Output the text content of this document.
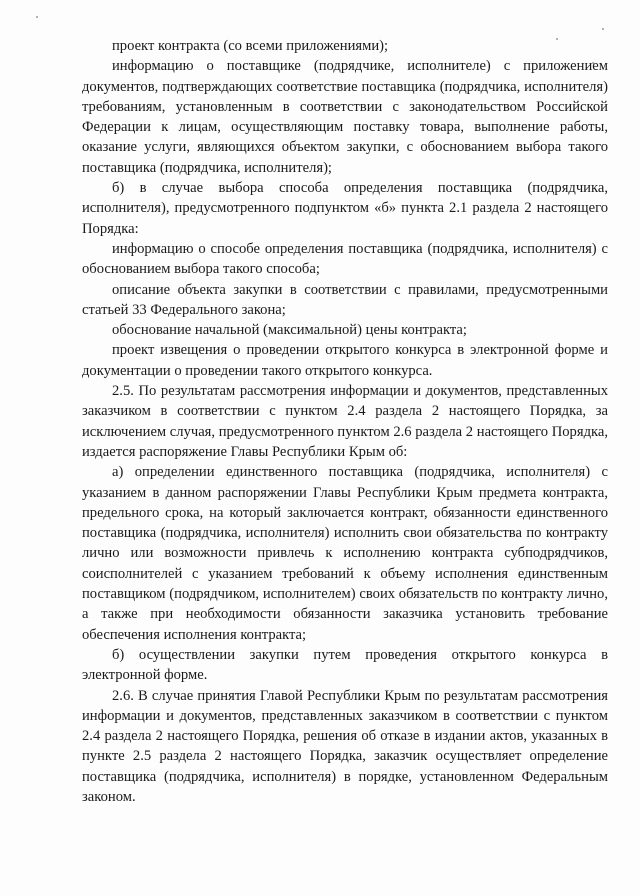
проект контракта (со всеми приложениями);

информацию о поставщике (подрядчике, исполнителе) с приложением документов, подтверждающих соответствие поставщика (подрядчика, исполнителя) требованиям, установленным в соответствии с законодательством Российской Федерации к лицам, осуществляющим поставку товара, выполнение работы, оказание услуги, являющихся объектом закупки, с обоснованием выбора такого поставщика (подрядчика, исполнителя);

б) в случае выбора способа определения поставщика (подрядчика, исполнителя), предусмотренного подпунктом «б» пункта 2.1 раздела 2 настоящего Порядка:

информацию о способе определения поставщика (подрядчика, исполнителя) с обоснованием выбора такого способа;

описание объекта закупки в соответствии с правилами, предусмотренными статьей 33 Федерального закона;

обоснование начальной (максимальной) цены контракта;

проект извещения о проведении открытого конкурса в электронной форме и документации о проведении такого открытого конкурса.

2.5. По результатам рассмотрения информации и документов, представленных заказчиком в соответствии с пунктом 2.4 раздела 2 настоящего Порядка, за исключением случая, предусмотренного пунктом 2.6 раздела 2 настоящего Порядка, издается распоряжение Главы Республики Крым об:

а) определении единственного поставщика (подрядчика, исполнителя) с указанием в данном распоряжении Главы Республики Крым предмета контракта, предельного срока, на который заключается контракт, обязанности единственного поставщика (подрядчика, исполнителя) исполнить свои обязательства по контракту лично или возможности привлечь к исполнению контракта субподрядчиков, соисполнителей с указанием требований к объему исполнения единственным поставщиком (подрядчиком, исполнителем) своих обязательств по контракту лично, а также при необходимости обязанности заказчика установить требование обеспечения исполнения контракта;

б) осуществлении закупки путем проведения открытого конкурса в электронной форме.

2.6. В случае принятия Главой Республики Крым по результатам рассмотрения информации и документов, представленных заказчиком в соответствии с пунктом 2.4 раздела 2 настоящего Порядка, решения об отказе в издании актов, указанных в пункте 2.5 раздела 2 настоящего Порядка, заказчик осуществляет определение поставщика (подрядчика, исполнителя) в порядке, установленном Федеральным законом.
